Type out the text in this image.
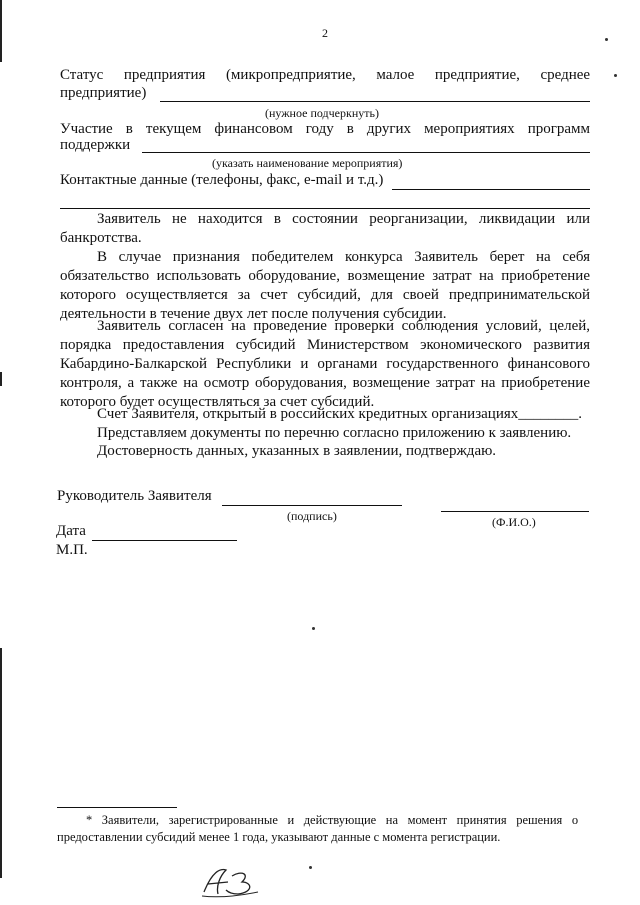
2
Статус предприятия (микропредприятие, малое предприятие, среднее
предприятие)
(нужное подчеркнуть)
Участие в текущем финансовом году в других мероприятиях программ
поддержки
(указать наименование мероприятия)
Контактные данные (телефоны, факс, e-mail и т.д.)
Заявитель не находится в состоянии реорганизации, ликвидации или банкротства.
В случае признания победителем конкурса Заявитель берет на себя обязательство использовать оборудование, возмещение затрат на приобретение которого осуществляется за счет субсидий, для своей предпринимательской деятельности в течение двух лет после получения субсидии.
Заявитель согласен на проведение проверки соблюдения условий, целей, порядка предоставления субсидий Министерством экономического развития Кабардино-Балкарской Республики и органами государственного финансового контроля, а также на осмотр оборудования, возмещение затрат на приобретение которого будет осуществляться за счет субсидий.
Счет Заявителя, открытый в российских кредитных организациях________.
Представляем документы по перечню согласно приложению к заявлению.
Достоверность данных, указанных в заявлении, подтверждаю.
Руководитель Заявителя
(подпись)	(Ф.И.О.)
Дата
М.П.
* Заявители, зарегистрированные и действующие на момент принятия решения о
предоставлении субсидий менее 1 года, указывают данные с момента регистрации.
